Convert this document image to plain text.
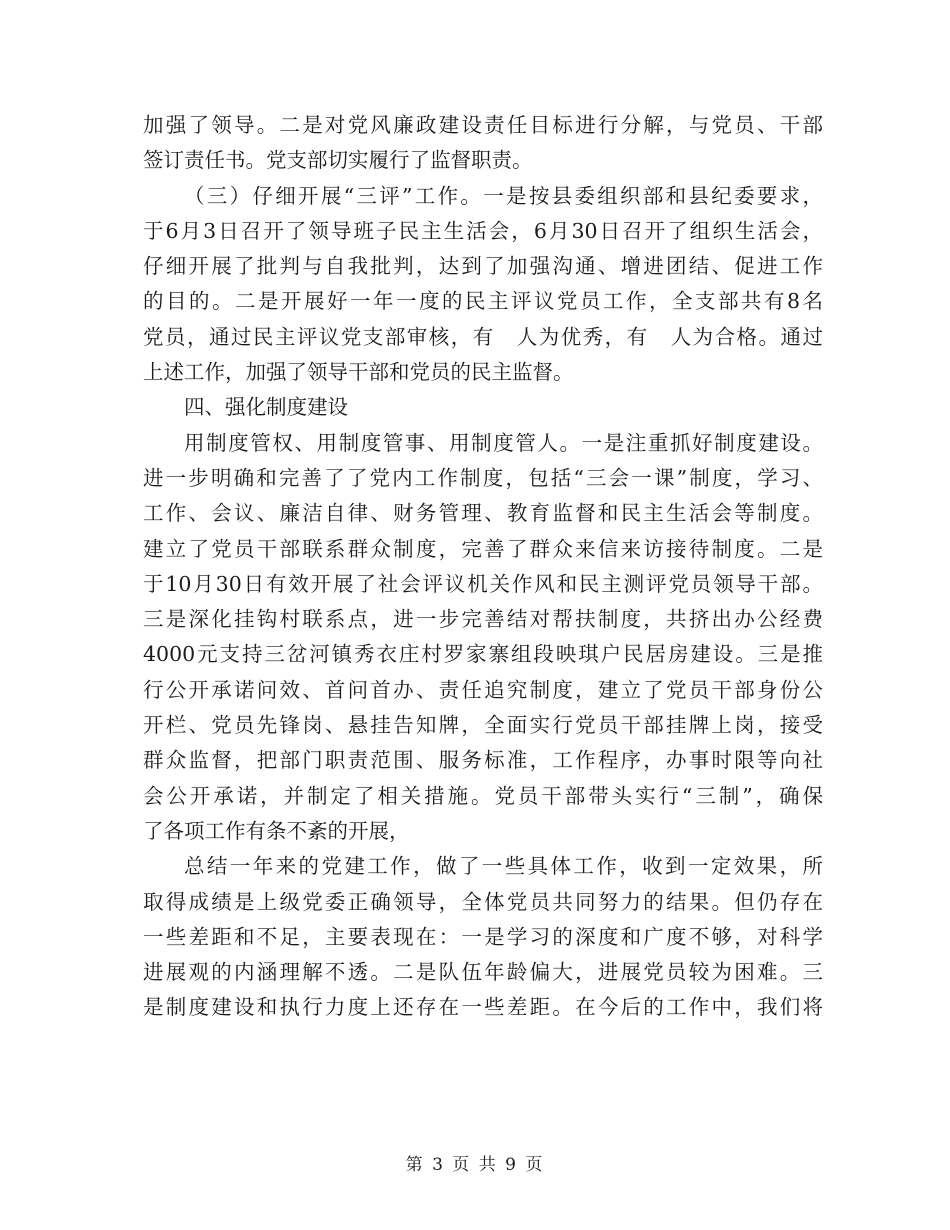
加强了领导。二是对党风廉政建设责任目标进行分解，与党员、干部
签订责任书。党支部切实履行了监督职责。
（三）仔细开展“三评”工作。一是按县委组织部和县纪委要求，
于6月3日召开了领导班子民主生活会，6月30日召开了组织生活会，
仔细开展了批判与自我批判，达到了加强沟通、增进团结、促进工作
的目的。二是开展好一年一度的民主评议党员工作，全支部共有8名
党员，通过民主评议党支部审核，有　人为优秀，有　人为合格。通过
上述工作，加强了领导干部和党员的民主监督。
四、强化制度建设
用制度管权、用制度管事、用制度管人。一是注重抓好制度建设。
进一步明确和完善了了党内工作制度，包括“三会一课”制度，学习、
工作、会议、廉洁自律、财务管理、教育监督和民主生活会等制度。
建立了党员干部联系群众制度，完善了群众来信来访接待制度。二是
于10月30日有效开展了社会评议机关作风和民主测评党员领导干部。
三是深化挂钩村联系点，进一步完善结对帮扶制度，共挤出办公经费
4000元支持三岔河镇秀衣庄村罗家寨组段映琪户民居房建设。三是推
行公开承诺问效、首问首办、责任追究制度，建立了党员干部身份公
开栏、党员先锋岗、悬挂告知牌，全面实行党员干部挂牌上岗，接受
群众监督，把部门职责范围、服务标准，工作程序，办事时限等向社
会公开承诺，并制定了相关措施。党员干部带头实行“三制”，确保
了各项工作有条不紊的开展，
总结一年来的党建工作，做了一些具体工作，收到一定效果，所
取得成绩是上级党委正确领导，全体党员共同努力的结果。但仍存在
一些差距和不足，主要表现在：一是学习的深度和广度不够，对科学
进展观的内涵理解不透。二是队伍年龄偏大，进展党员较为困难。三
是制度建设和执行力度上还存在一些差距。在今后的工作中，我们将
第 3 页 共 9 页
